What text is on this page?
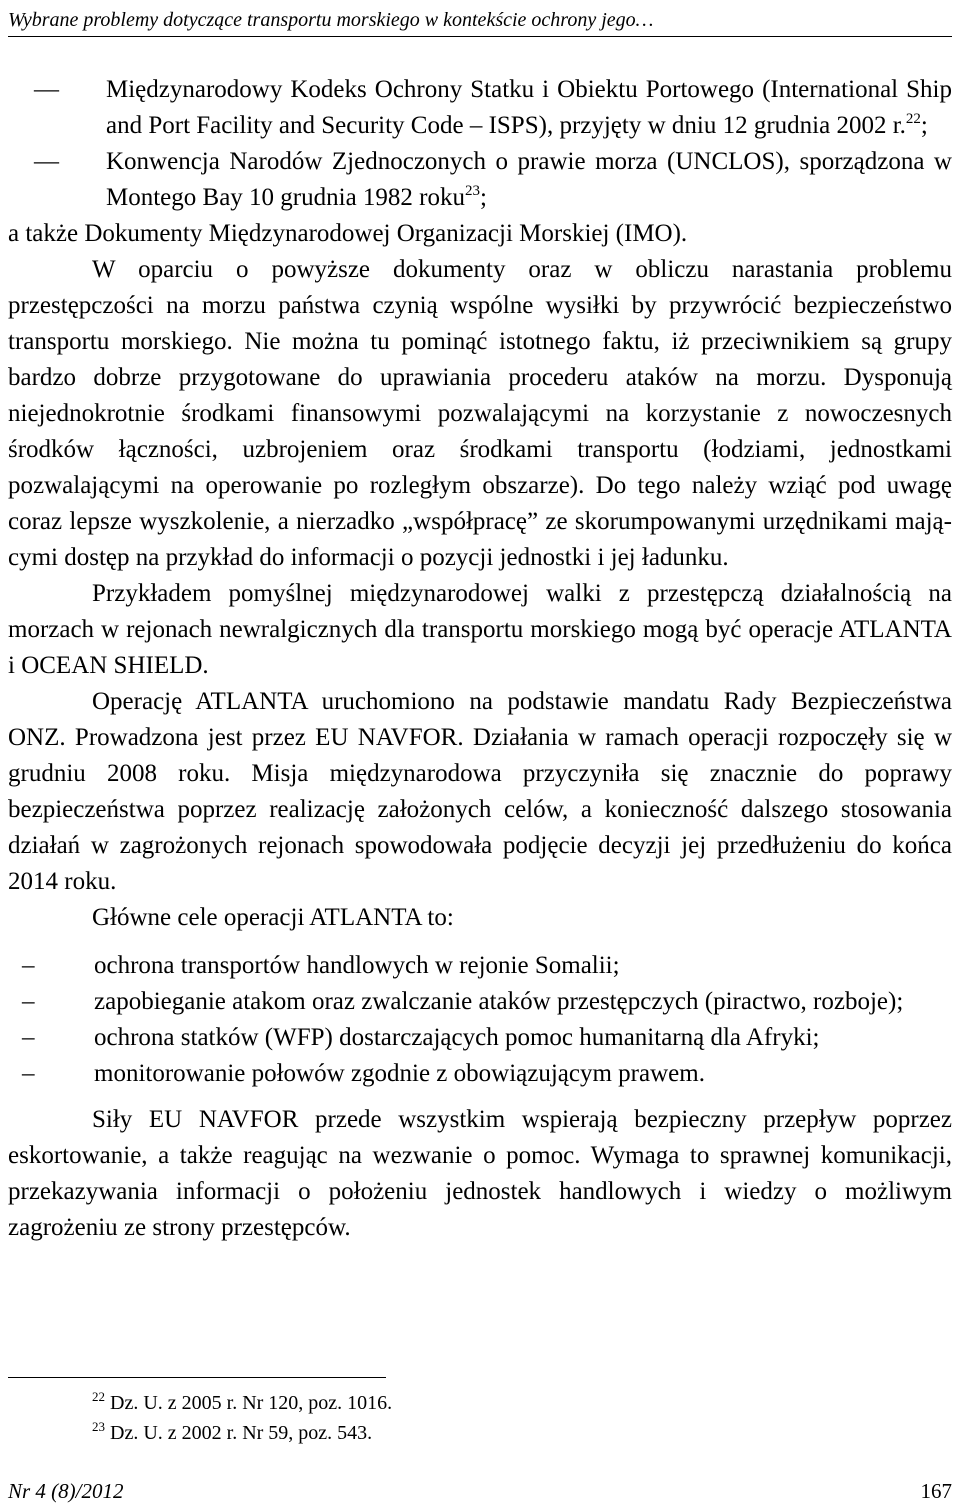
Wybrane problemy dotyczące transportu morskiego w kontekście ochrony jego…
— Międzynarodowy Kodeks Ochrony Statku i Obiektu Portowego (International Ship and Port Facility and Security Code – ISPS), przyjęty w dniu 12 grudnia 2002 r.$^{22}$;
— Konwencja Narodów Zjednoczonych o prawie morza (UNCLOS), sporządzona w Montego Bay 10 grudnia 1982 roku$^{23}$;

a także Dokumenty Międzynarodowej Organizacji Morskiej (IMO).

W oparciu o powyższe dokumenty oraz w obliczu narastania problemu przestępczości na morzu państwa czynią wspólne wysiłki by przywrócić bezpieczeństwo transportu morskiego. Nie można tu pominąć istotnego faktu, iż przeciwnikiem są grupy bardzo dobrze przygotowane do uprawiania procederu ataków na morzu. Dysponują niejednokrotnie środkami finansowymi pozwalającymi na korzystanie z nowoczesnych środków łączności, uzbrojeniem oraz środkami transportu (łodziami, jednostkami pozwalającymi na operowanie po rozległym obszarze). Do tego należy wziąć pod uwagę coraz lepsze wyszkolenie, a nierzadko „współpracę” ze skorumpowanymi urzędnikami mającymi dostęp na przykład do informacji o pozycji jednostki i jej ładunku.

Przykładem pomyślnej międzynarodowej walki z przestępczą działalnością na morzach w rejonach newralgicznych dla transportu morskiego mogą być operacje ATLANTA i OCEAN SHIELD.

Operację ATLANTA uruchomiono na podstawie mandatu Rady Bezpieczeństwa ONZ. Prowadzona jest przez EU NAVFOR. Działania w ramach operacji rozpoczęły się w grudniu 2008 roku. Misja międzynarodowa przyczyniła się znacznie do poprawy bezpieczeństwa poprzez realizację założonych celów, a konieczność dalszego stosowania działań w zagrożonych rejonach spowodowała podjęcie decyzji jej przedłużeniu do końca 2014 roku.

Główne cele operacji ATLANTA to:

– ochrona transportów handlowych w rejonie Somalii;
– zapobieganie atakom oraz zwalczanie ataków przestępczych (piractwo, rozboje);
– ochrona statków (WFP) dostarczających pomoc humanitarną dla Afryki;
– monitorowanie połowów zgodnie z obowiązującym prawem.

Siły EU NAVFOR przede wszystkim wspierają bezpieczny przepływ poprzez eskortowanie, a także reagując na wezwanie o pomoc. Wymaga to sprawnej komunikacji, przekazywania informacji o położeniu jednostek handlowych i wiedzy o możliwym zagrożeniu ze strony przestępców.

$^{22}$ Dz. U. z 2005 r. Nr 120, poz. 1016.
$^{23}$ Dz. U. z 2002 r. Nr 59, poz. 543.
Nr 4 (8)/2012	167
